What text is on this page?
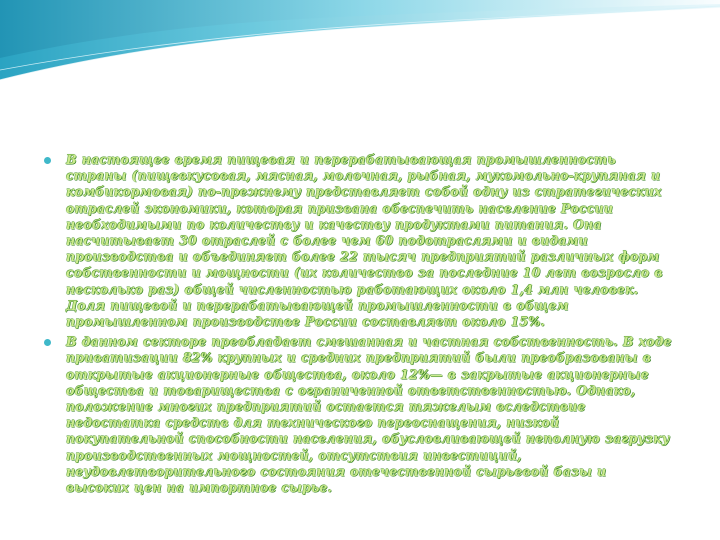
В настоящее время пищевая и перерабатывающая промышленность страны (пищевкусовая, мясная, молочная, рыбная, мукомольно-крупяная и комбикормовая) по-прежнему представляет собой одну из стратегических отраслей экономики, которая призвана обеспечить население России необходимыми по количеству и качеству продуктами питания. Она насчитывает 30 отраслей с более чем 60 подотраслями и видами производства и объединяет более 22 тысяч предприятий различных форм собственности и мощности (их количество за последние 10 лет возросло в несколько раз) общей численностью работающих около 1,4 млн человек. Доля пищевой и перерабатывающей промышленности в общем промышленном производстве России составляет около 15%.

В данном секторе преобладает смешанная и частная собственность. В ходе приватизации 82% крупных и средних предприятий были преобразованы в открытые акционерные общества, около 12%— в закрытые акционерные общества и товарищества с ограниченной ответственностью. Однако, положение многих предприятий остается тяжелым вследствие недостатка средств для технического переоснащения, низкой покупательной способности населения, обусловливающей неполную загрузку производственных мощностей, отсутствия инвестиций, неудовлетворительного состояния отечественной сырьевой базы и высоких цен на импортное сырье.
